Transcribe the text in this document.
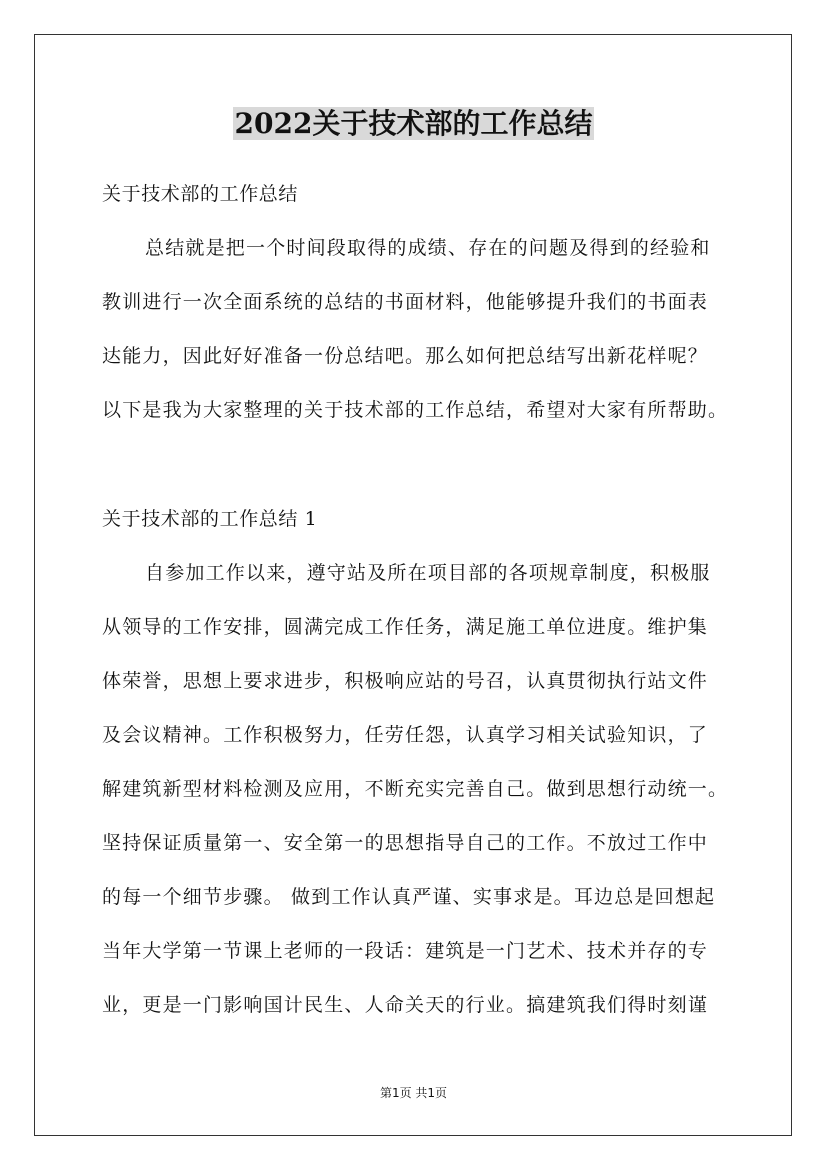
2022关于技术部的工作总结
关于技术部的工作总结
总结就是把一个时间段取得的成绩、存在的问题及得到的经验和
教训进行一次全面系统的总结的书面材料，他能够提升我们的书面表
达能力，因此好好准备一份总结吧。那么如何把总结写出新花样呢？
以下是我为大家整理的关于技术部的工作总结，希望对大家有所帮助。
关于技术部的工作总结 1
自参加工作以来，遵守站及所在项目部的各项规章制度，积极服
从领导的工作安排，圆满完成工作任务，满足施工单位进度。维护集
体荣誉，思想上要求进步，积极响应站的号召，认真贯彻执行站文件
及会议精神。工作积极努力，任劳任怨，认真学习相关试验知识，了
解建筑新型材料检测及应用，不断充实完善自己。做到思想行动统一。
坚持保证质量第一、安全第一的思想指导自己的工作。不放过工作中
的每一个细节步骤。 做到工作认真严谨、实事求是。耳边总是回想起
当年大学第一节课上老师的一段话：建筑是一门艺术、技术并存的专
业，更是一门影响国计民生、人命关天的行业。搞建筑我们得时刻谨
第1页 共1页
